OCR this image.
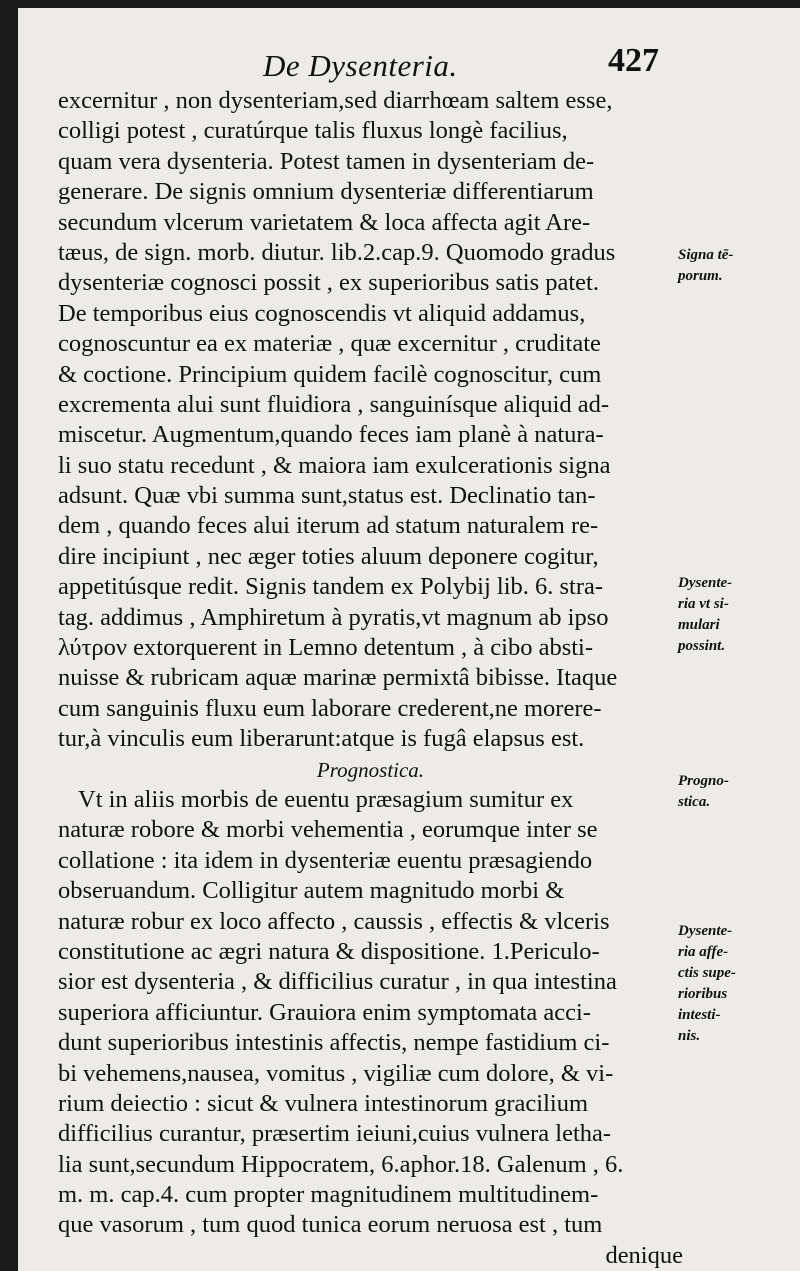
De Dysenteria.	427
excernitur , non dysenteriam,sed diarrhœam saltem esse,
colligi potest , curatúrque talis fluxus longè facilius,
quam vera dysenteria. Potest tamen in dysenteriam de-
generare. De signis omnium dysenteriæ differentiarum
secundum vlcerum varietatem & loca affecta agit Are-
tæus, de sign. morb. diutur. lib.2.cap.9. Quomodo gradus
dysenteriæ cognosci possit , ex superioribus satis patet.
De temporibus eius cognoscendis vt aliquid addamus,
cognoscuntur ea ex materiæ , quæ excernitur , cruditate
& coctione. Principium quidem facilè cognoscitur, cum
excrementa alui sunt fluidiora , sanguinísque aliquid ad-
miscetur. Augmentum,quando feces iam planè à natura-
li suo statu recedunt , & maiora iam exulcerationis signa
adsunt. Quæ vbi summa sunt,status est. Declinatio tan-
dem , quando feces alui iterum ad statum naturalem re-
dire incipiunt , nec æger toties aluum deponere cogitur,
appetitúsque redit. Signis tandem ex Polybij lib. 6. stra-
tag. addimus , Amphiretum à pyratis,vt magnum ab ipso
λύτρον extorquerent in Lemno detentum , à cibo absti-
nuisse & rubricam aquæ marinæ permixtâ bibisse. Itaque
cum sanguinis fluxu eum laborare crederent,ne morere-
tur,à vinculis eum liberarunt:atque is fugâ elapsus est.
Prognostica.
Vt in aliis morbis de euentu præsagium sumitur ex
naturæ robore & morbi vehementia , eorumque inter se
collatione : ita idem in dysenteriæ euentu præsagiendo
obseruandum. Colligitur autem magnitudo morbi &
naturæ robur ex loco affecto , caussis , effectis & vlceris
constitutione ac ægri natura & dispositione. 1.Periculo-
sior est dysenteria , & difficilius curatur , in qua intestina
superiora afficiuntur. Grauiora enim symptomata acci-
dunt superioribus intestinis affectis, nempe fastidium ci-
bi vehemens,nausea, vomitus , vigiliæ cum dolore, & vi-
rium deiectio : sicut & vulnera intestinorum gracilium
difficilius curantur, præsertim ieiuni,cuius vulnera letha-
lia sunt,secundum Hippocratem, 6.aphor.18. Galenum , 6.
m. m. cap.4. cum propter magnitudinem multitudinem-
que vasorum , tum quod tunica eorum neruosa est , tum
denique
Signa tē-
porum.
Dysente-
ria vt si-
mulari
possint.
Progno-
stica.
Dysente-
ria affe-
ctis supe-
rioribus
intesti-
nis.
